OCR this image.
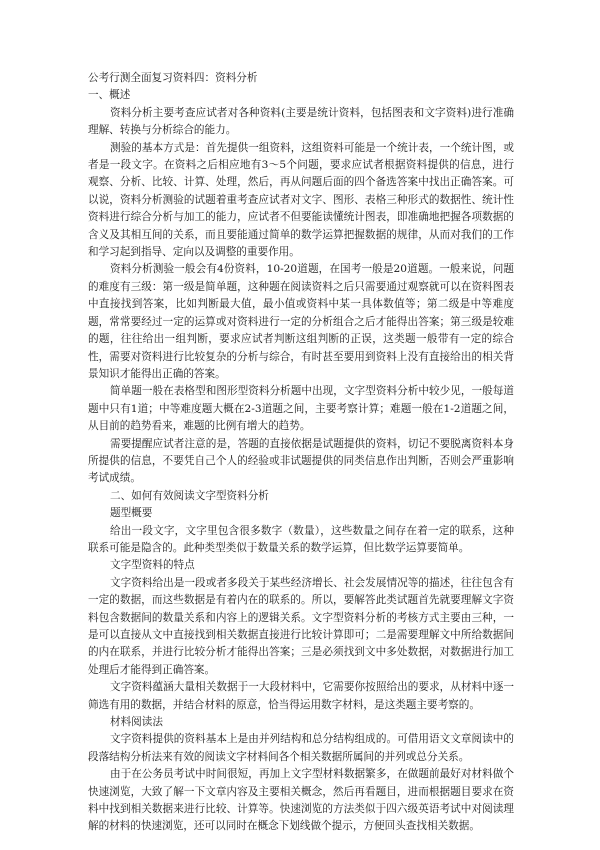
公考行测全面复习资料四：资料分析

一、概述

资料分析主要考查应试者对各种资料(主要是统计资料，包括图表和文字资料)进行准确理解、转换与分析综合的能力。

测验的基本方式是：首先提供一组资料，这组资料可能是一个统计表，一个统计图，或者是一段文字。在资料之后相应地有3～5个问题，要求应试者根据资料提供的信息，进行观察、分析、比较、计算、处理，然后，再从问题后面的四个备选答案中找出正确答案。可以说，资料分析测验的试题着重考查应试者对文字、图形、表格三种形式的数据性、统计性资料进行综合分析与加工的能力，应试者不但要能读懂统计图表，即准确地把握各项数据的含义及其相互间的关系，而且要能通过简单的数学运算把握数据的规律，从而对我们的工作和学习起到指导、定向以及调整的重要作用。

资料分析测验一般会有4份资料，10-20道题，在国考一般是20道题。一般来说，问题的难度有三级：第一级是简单题，这种题在阅读资料之后只需要通过观察就可以在资料图表中直接找到答案，比如判断最大值，最小值或资料中某一具体数值等；第二级是中等难度题，常常要经过一定的运算或对资料进行一定的分析组合之后才能得出答案；第三级是较难的题，往往给出一组判断，要求应试者判断这组判断的正误，这类题一般带有一定的综合性，需要对资料进行比较复杂的分析与综合，有时甚至要用到资料上没有直接给出的相关背景知识才能得出正确的答案。

简单题一般在表格型和图形型资料分析题中出现，文字型资料分析中较少见，一般每道题中只有1道；中等难度题大概在2-3道题之间，主要考察计算；难题一般在1-2道题之间，从目前的趋势看来，难题的比例有增大的趋势。

需要提醒应试者注意的是，答题的直接依据是试题提供的资料，切记不要脱离资料本身所提供的信息，不要凭自己个人的经验或非试题提供的同类信息作出判断，否则会严重影响考试成绩。

二、如何有效阅读文字型资料分析

题型概要

给出一段文字，文字里包含很多数字（数量），这些数量之间存在着一定的联系，这种联系可能是隐含的。此种类型类似于数量关系的数学运算，但比数学运算要简单。

文字型资料的特点

文字资料给出是一段或者多段关于某些经济增长、社会发展情况等的描述，往往包含有一定的数据，而这些数据是有着内在的联系的。所以，要解答此类试题首先就要理解文字资料包含数据间的数量关系和内容上的逻辑关系。文字型资料分析的考核方式主要由三种，一是可以直接从文中直接找到相关数据直接进行比较计算即可；二是需要理解文中所给数据间的内在联系，并进行比较分析才能得出答案；三是必须找到文中多处数据，对数据进行加工处理后才能得到正确答案。

文字资料蕴涵大量相关数据于一大段材料中，它需要你按照给出的要求，从材料中逐一筛选有用的数据，并结合材料的原意，恰当得运用数字材料，是这类题主要考察的。

材料阅读法

文字资料提供的资料基本上是由并列结构和总分结构组成的。可借用语文文章阅读中的段落结构分析法来有效的阅读文字材料间各个相关数据所属间的并列或总分关系。

由于在公务员考试中时间很短，再加上文字型材料数据繁多，在做题前最好对材料做个快速浏览，大致了解一下文章内容及主要相关概念，然后再看题目，进而根据题目要求在资料中找到相关数据来进行比较、计算等。快速浏览的方法类似于四六级英语考试中对阅读理解的材料的快速浏览，还可以同时在概念下划线做个提示，方便回头查找相关数据。
